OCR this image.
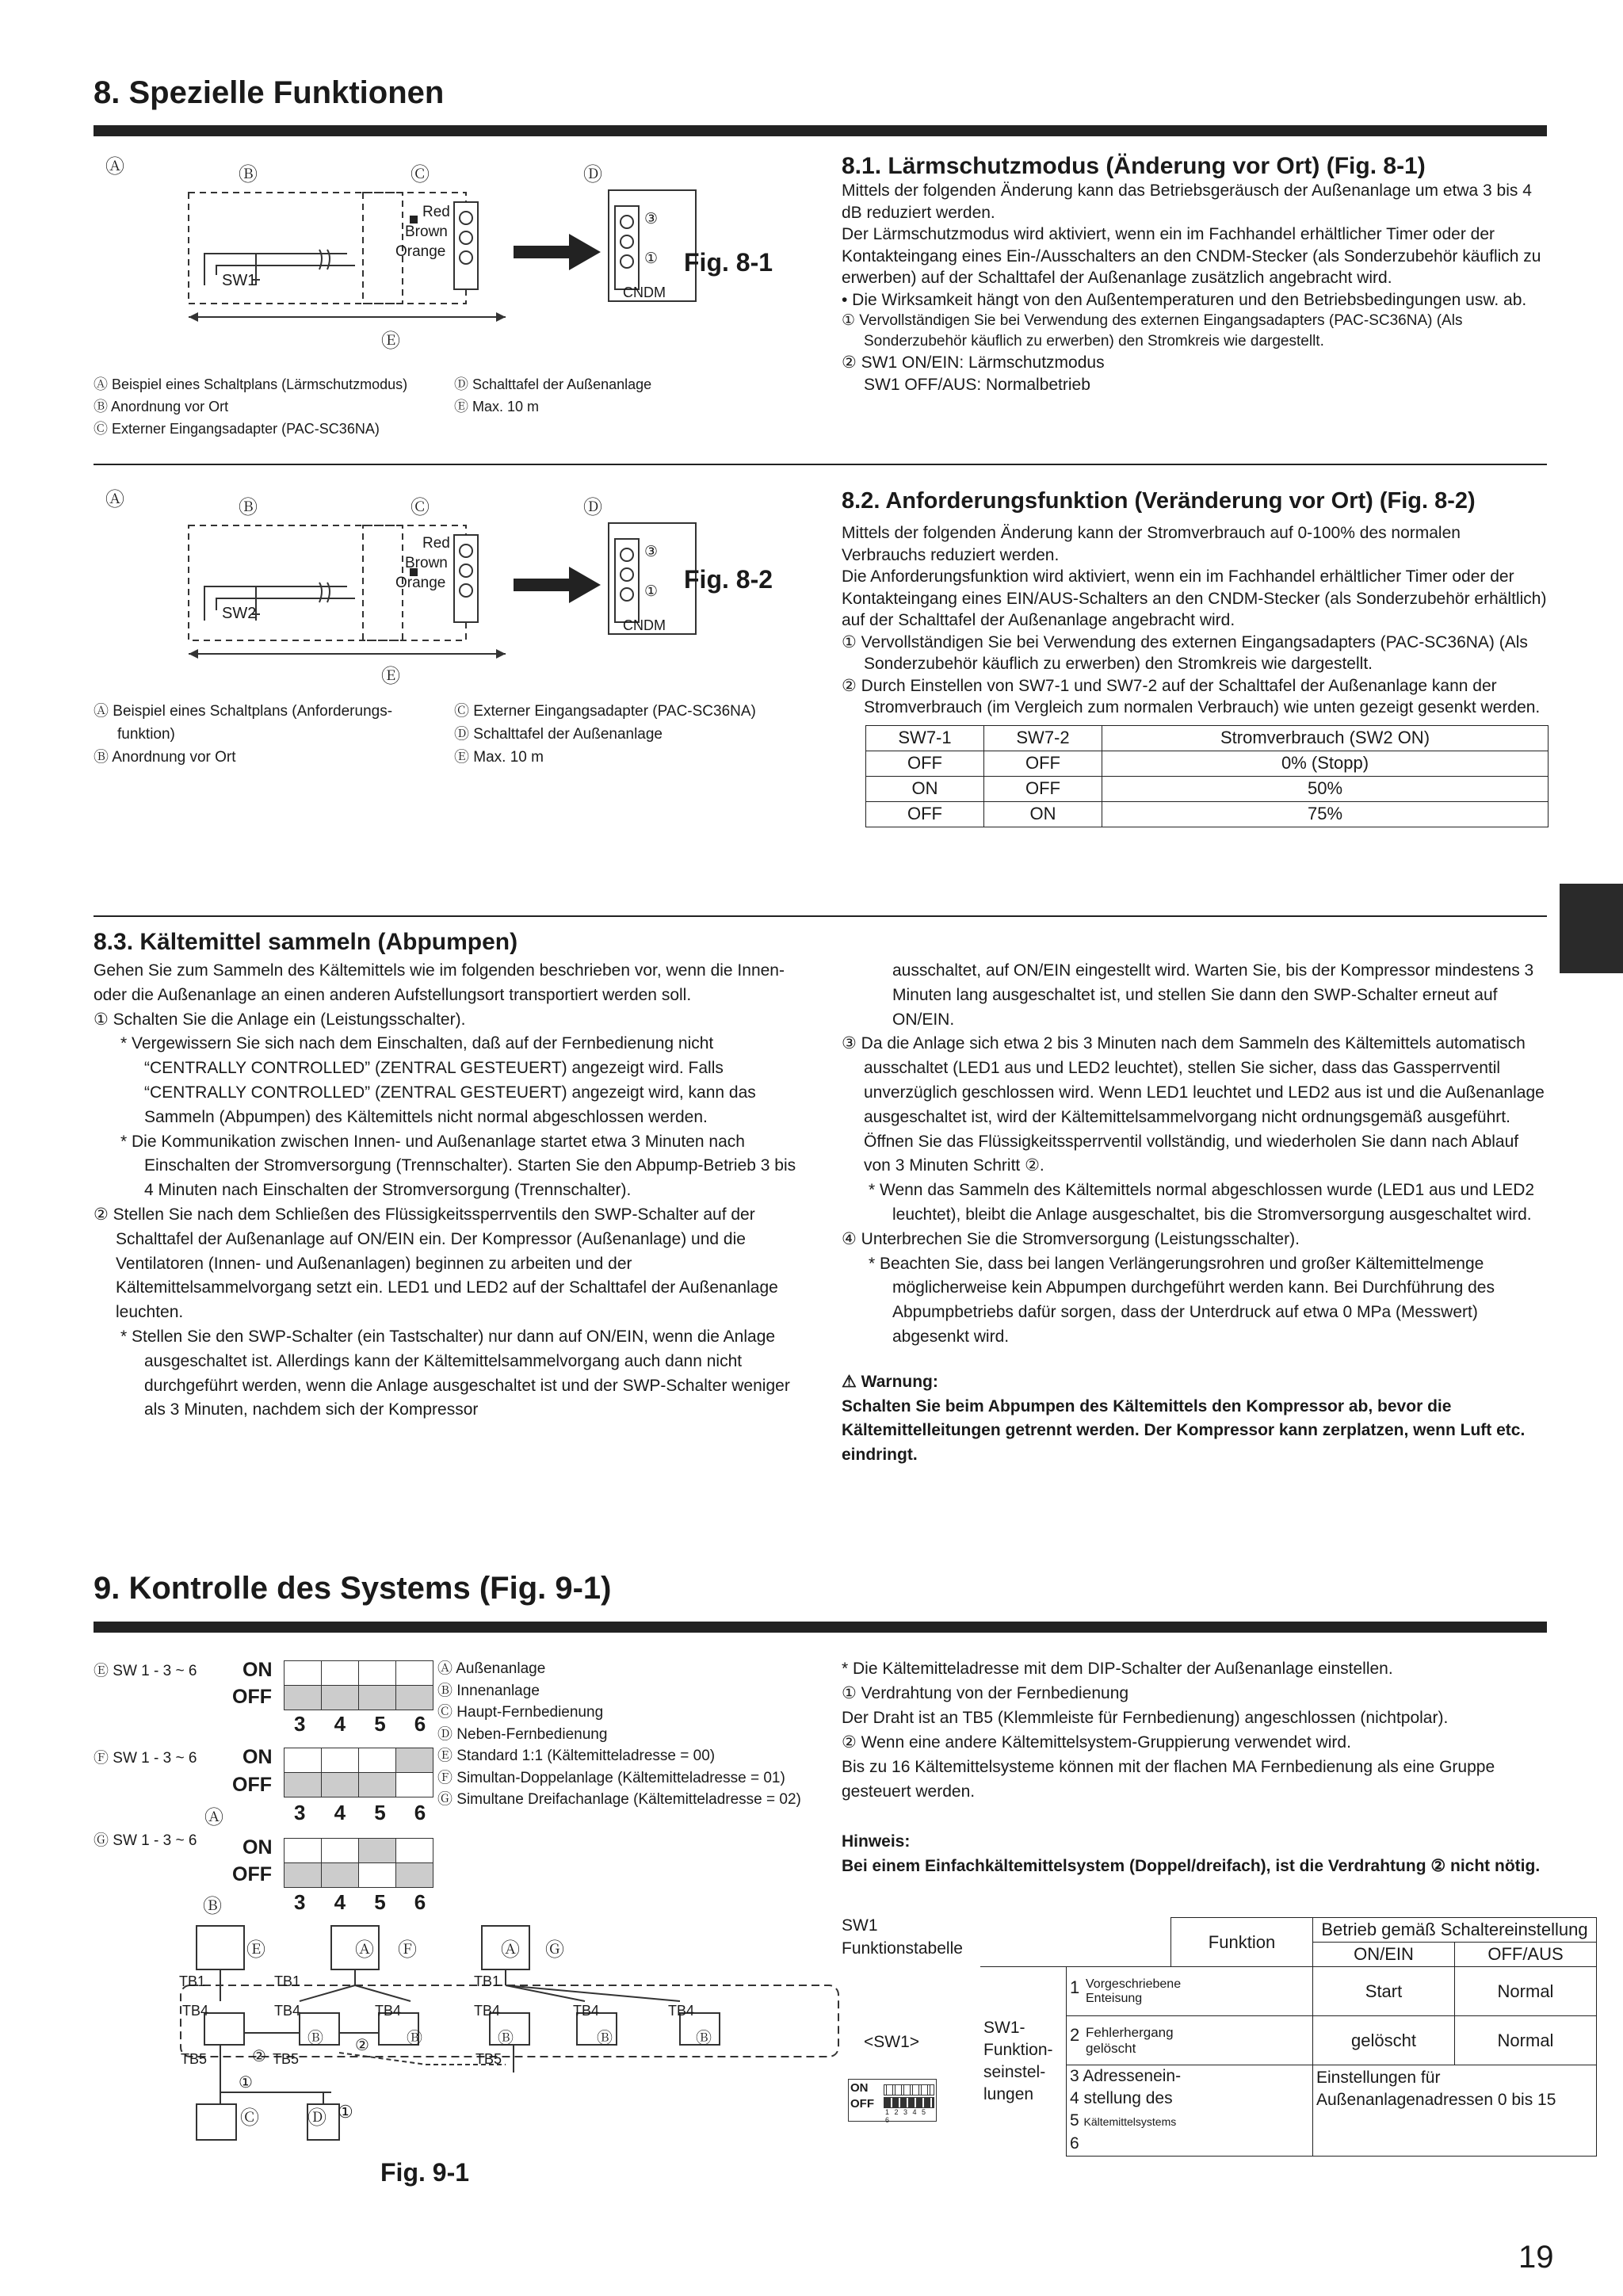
8. Spezielle Funktionen
Ⓐ	Ⓑ	Ⓒ	Ⓓ
Ⓔ
SW1
Red
Brown
Orange
③
①
CNDM
Fig. 8-1
Ⓐ Beispiel eines Schaltplans (Lärmschutzmodus)
Ⓑ Anordnung vor Ort
Ⓒ Externer Eingangsadapter (PAC-SC36NA)
Ⓓ Schalttafel der Außenanlage
Ⓔ Max. 10 m
8.1. Lärmschutzmodus (Änderung vor Ort) (Fig. 8-1)

Mittels der folgenden Änderung kann das Betriebsgeräusch der Außenanlage um etwa 3 bis 4 dB reduziert werden.

Der Lärmschutzmodus wird aktiviert, wenn ein im Fachhandel erhältlicher Timer oder der Kontakteingang eines Ein-/Ausschalters an den CNDM-Stecker (als Sonderzubehör käuflich zu erwerben) auf der Schalttafel der Außenanlage zusätzlich angebracht wird.

• Die Wirksamkeit hängt von den Außentemperaturen und den Betriebsbedingungen usw. ab.

① Vervollständigen Sie bei Verwendung des externen Eingangsadapters (PAC-SC36NA) (Als Sonderzubehör käuflich zu erwerben) den Stromkreis wie dargestellt.

② SW1 ON/EIN: Lärmschutzmodus

SW1 OFF/AUS: Normalbetrieb

Ⓐ	Ⓑ	Ⓒ	Ⓓ
Ⓔ
SW2
Red
Brown
Orange
③
①
CNDM
Fig. 8-2
Ⓐ Beispiel eines Schaltplans (Anforderungs-
funktion)
Ⓑ Anordnung vor Ort
Ⓒ Externer Eingangsadapter (PAC-SC36NA)
Ⓓ Schalttafel der Außenanlage
Ⓔ Max. 10 m
8.2. Anforderungsfunktion (Veränderung vor Ort) (Fig. 8-2)

Mittels der folgenden Änderung kann der Stromverbrauch auf 0-100% des normalen Verbrauchs reduziert werden.

Die Anforderungsfunktion wird aktiviert, wenn ein im Fachhandel erhältlicher Timer oder der Kontakteingang eines EIN/AUS-Schalters an den CNDM-Stecker (als Sonderzubehör erhältlich) auf der Schalttafel der Außenanlage angebracht wird.

① Vervollständigen Sie bei Verwendung des externen Eingangsadapters (PAC-SC36NA) (Als Sonderzubehör käuflich zu erwerben) den Stromkreis wie dargestellt.

② Durch Einstellen von SW7-1 und SW7-2 auf der Schalttafel der Außenanlage kann der Stromverbrauch (im Vergleich zum normalen Verbrauch) wie unten gezeigt gesenkt werden.

SW7-1	SW7-2	Stromverbrauch (SW2 ON)
OFF	OFF	0% (Stopp)
ON	OFF	50%
OFF	ON	75%
8.3. Kältemittel sammeln (Abpumpen)

Gehen Sie zum Sammeln des Kältemittels wie im folgenden beschrieben vor, wenn die Innen- oder die Außenanlage an einen anderen Aufstellungsort transportiert werden soll.

① Schalten Sie die Anlage ein (Leistungsschalter).

* Vergewissern Sie sich nach dem Einschalten, daß auf der Fernbedienung nicht “CENTRALLY CONTROLLED” (ZENTRAL GESTEUERT) angezeigt wird. Falls “CENTRALLY CONTROLLED” (ZENTRAL GESTEUERT) angezeigt wird, kann das Sammeln (Abpumpen) des Kältemittels nicht normal abgeschlossen werden.

* Die Kommunikation zwischen Innen- und Außenanlage startet etwa 3 Minuten nach Einschalten der Stromversorgung (Trennschalter). Starten Sie den Abpump-Betrieb 3 bis 4 Minuten nach Einschalten der Stromversorgung (Trennschalter).

② Stellen Sie nach dem Schließen des Flüssigkeitssperrventils den SWP-Schalter auf der Schalttafel der Außenanlage auf ON/EIN ein. Der Kompressor (Außenanlage) und die Ventilatoren (Innen- und Außenanlagen) beginnen zu arbeiten und der Kältemittelsammelvorgang setzt ein. LED1 und LED2 auf der Schalttafel der Außenanlage leuchten.

* Stellen Sie den SWP-Schalter (ein Tastschalter) nur dann auf ON/EIN, wenn die Anlage ausgeschaltet ist. Allerdings kann der Kältemittelsammelvorgang auch dann nicht durchgeführt werden, wenn die Anlage ausgeschaltet ist und der SWP-Schalter weniger als 3 Minuten, nachdem sich der Kompressor

ausschaltet, auf ON/EIN eingestellt wird. Warten Sie, bis der Kompressor mindestens 3 Minuten lang ausgeschaltet ist, und stellen Sie dann den SWP-Schalter erneut auf ON/EIN.

③ Da die Anlage sich etwa 2 bis 3 Minuten nach dem Sammeln des Kältemittels automatisch ausschaltet (LED1 aus und LED2 leuchtet), stellen Sie sicher, dass das Gassperrventil unverzüglich geschlossen wird. Wenn LED1 leuchtet und LED2 aus ist und die Außenanlage ausgeschaltet ist, wird der Kältemittelsammelvorgang nicht ordnungsgemäß ausgeführt. Öffnen Sie das Flüssigkeitssperrventil vollständig, und wiederholen Sie dann nach Ablauf von 3 Minuten Schritt ②.

* Wenn das Sammeln des Kältemittels normal abgeschlossen wurde (LED1 aus und LED2 leuchtet), bleibt die Anlage ausgeschaltet, bis die Stromversorgung ausgeschaltet wird.

④ Unterbrechen Sie die Stromversorgung (Leistungsschalter).

* Beachten Sie, dass bei langen Verlängerungsrohren und großer Kältemittelmenge möglicherweise kein Abpumpen durchgeführt werden kann. Bei Durchführung des Abpumpbetriebs dafür sorgen, dass der Unterdruck auf etwa 0 MPa (Messwert) abgesenkt wird.

⚠ Warnung:

Schalten Sie beim Abpumpen des Kältemittels den Kompressor ab, bevor die Kältemittelleitungen getrennt werden. Der Kompressor kann zerplatzen, wenn Luft etc. eindringt.

9. Kontrolle des Systems (Fig. 9-1)
Ⓔ SW 1 - 3 ~ 6 ON
OFF

3 4 5 6
Ⓕ SW 1 - 3 ~ 6 ON
OFF

3 4 5 6
Ⓐ
Ⓖ SW 1 - 3 ~ 6 ON
OFF

3 4 5 6
Ⓑ
Ⓐ Außenanlage
Ⓑ Innenanlage
Ⓒ Haupt-Fernbedienung
Ⓓ Neben-Fernbedienung
Ⓔ Standard 1:1 (Kältemitteladresse = 00)
Ⓕ Simultan-Doppelanlage (Kältemitteladresse = 01)
Ⓖ Simultane Dreifachanlage (Kältemitteladresse = 02)
Ⓔ	Ⓐ Ⓕ	Ⓐ Ⓖ
TB1	TB1	TB1
TB4	TB4	TB4	TB4	TB4	TB4
Ⓑ	Ⓑ	Ⓑ	Ⓑ	Ⓑ
TB5	TB5	TB5
②
②
①
Ⓒ	Ⓓ ①
Fig. 9-1

* Die Kältemitteladresse mit dem DIP-Schalter der Außenanlage einstellen.

① Verdrahtung von der Fernbedienung

Der Draht ist an TB5 (Klemmleiste für Fernbedienung) angeschlossen (nichtpolar).

② Wenn eine andere Kältemittelsystem-Gruppierung verwendet wird.

Bis zu 16 Kältemittelsysteme können mit der flachen MA Fernbedienung als eine Gruppe gesteuert werden.

Hinweis:

Bei einem Einfachkältemittelsystem (Doppel/dreifach), ist die Verdrahtung ② nicht nötig.

SW1
Funktionstabelle
<SW1>
ON
OFF
1 2 3 4 5 6
		Funktion	Betrieb gemäß Schaltereinstellung	
			ON/EIN	OFF/AUS

SW1-Funktion-seinstel-lungen	1 Vorgeschriebene Enteisung		Start	Normal
	2 Fehlerhergang gelöscht		gelöscht	Normal

	3 Adressenein-
4 stellung des
5 Kältemittelsystems
6		Einstellungen für Außenanlagenadressen 0 bis 15	
19
